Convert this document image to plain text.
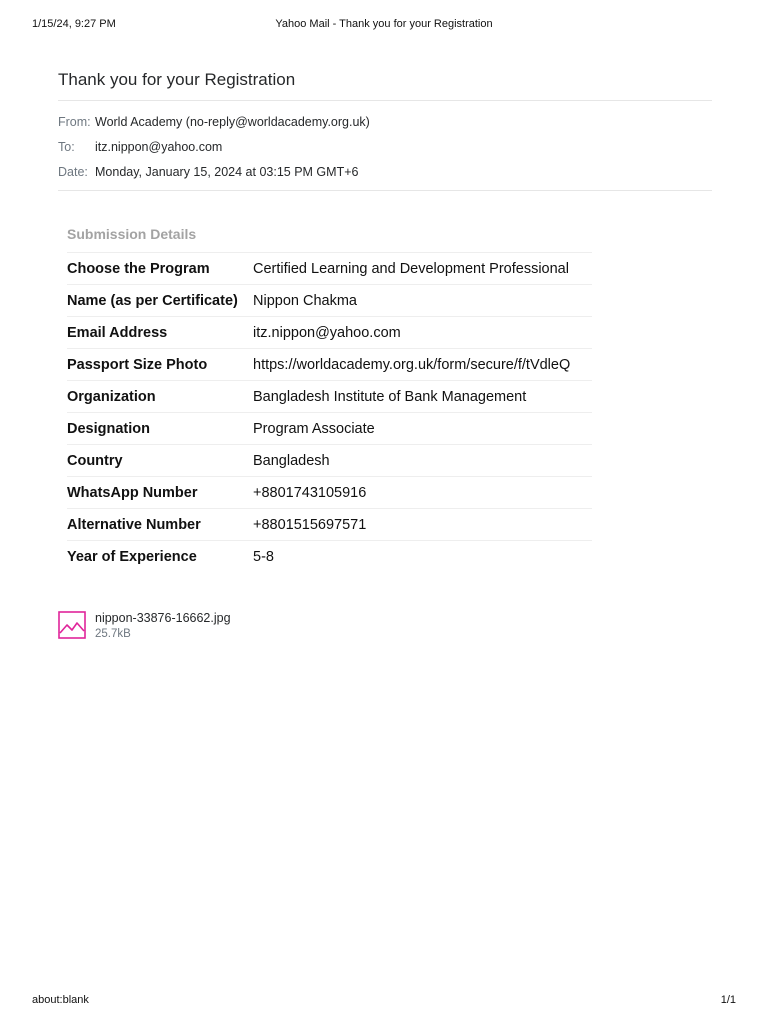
1/15/24, 9:27 PM	Yahoo Mail - Thank you for your Registration
Thank you for your Registration
From: World Academy (no-reply@worldacademy.org.uk)
To:	itz.nippon@yahoo.com
Date: Monday, January 15, 2024 at 03:15 PM GMT+6
Submission Details
Choose the Program	Certified Learning and Development Professional
Name (as per Certificate)	Nippon Chakma
Email Address	itz.nippon@yahoo.com
Passport Size Photo	https://worldacademy.org.uk/form/secure/f/tVdleQ
Organization	Bangladesh Institute of Bank Management
Designation	Program Associate
Country	Bangladesh
WhatsApp Number	+8801743105916
Alternative Number	+8801515697571
Year of Experience	5-8
nippon-33876-16662.jpg
25.7kB
about:blank	1/1
